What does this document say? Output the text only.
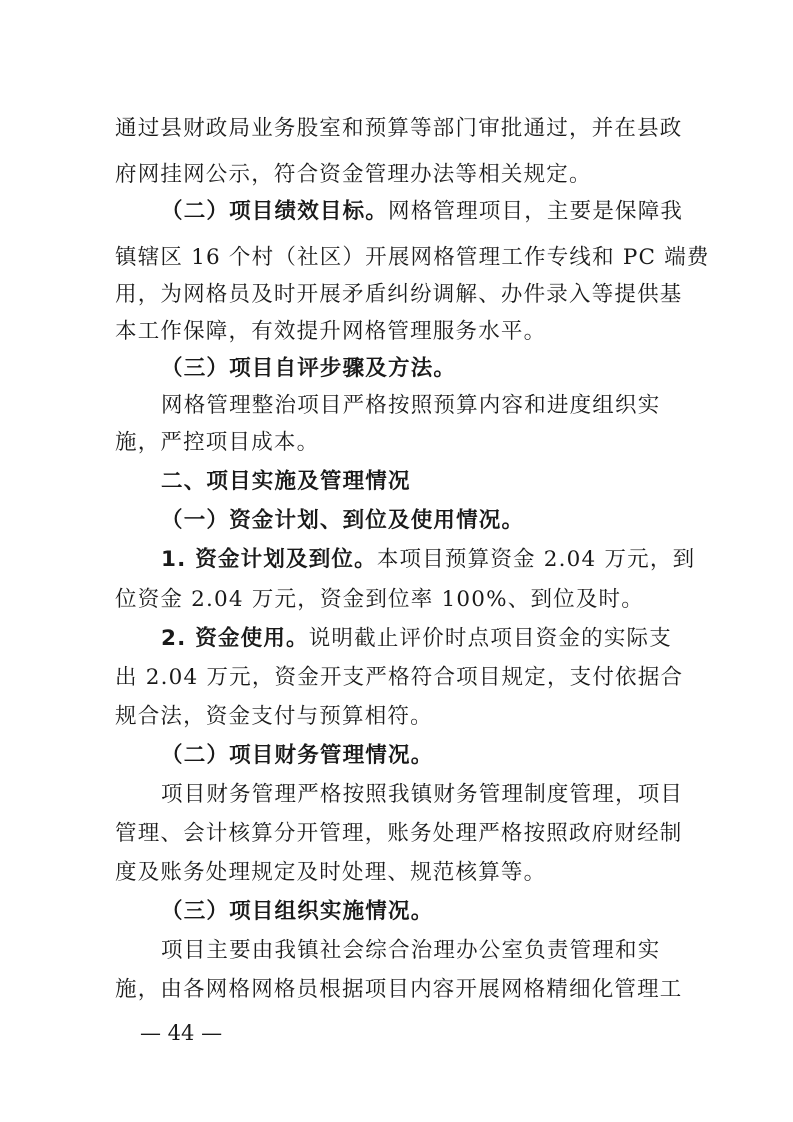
通过县财政局业务股室和预算等部门审批通过，并在县政
府网挂网公示，符合资金管理办法等相关规定。
（二）项目绩效目标。网格管理项目，主要是保障我
镇辖区 16 个村（社区）开展网格管理工作专线和 PC 端费
用，为网格员及时开展矛盾纠纷调解、办件录入等提供基
本工作保障，有效提升网格管理服务水平。
（三）项目自评步骤及方法。
网格管理整治项目严格按照预算内容和进度组织实
施，严控项目成本。
二、项目实施及管理情况
（一）资金计划、到位及使用情况。
1. 资金计划及到位。本项目预算资金 2.04 万元，到
位资金 2.04 万元，资金到位率 100%、到位及时。
2. 资金使用。说明截止评价时点项目资金的实际支
出 2.04 万元，资金开支严格符合项目规定，支付依据合
规合法，资金支付与预算相符。
（二）项目财务管理情况。
项目财务管理严格按照我镇财务管理制度管理，项目
管理、会计核算分开管理，账务处理严格按照政府财经制
度及账务处理规定及时处理、规范核算等。
（三）项目组织实施情况。
项目主要由我镇社会综合治理办公室负责管理和实
施，由各网格网格员根据项目内容开展网格精细化管理工
— 44 —
